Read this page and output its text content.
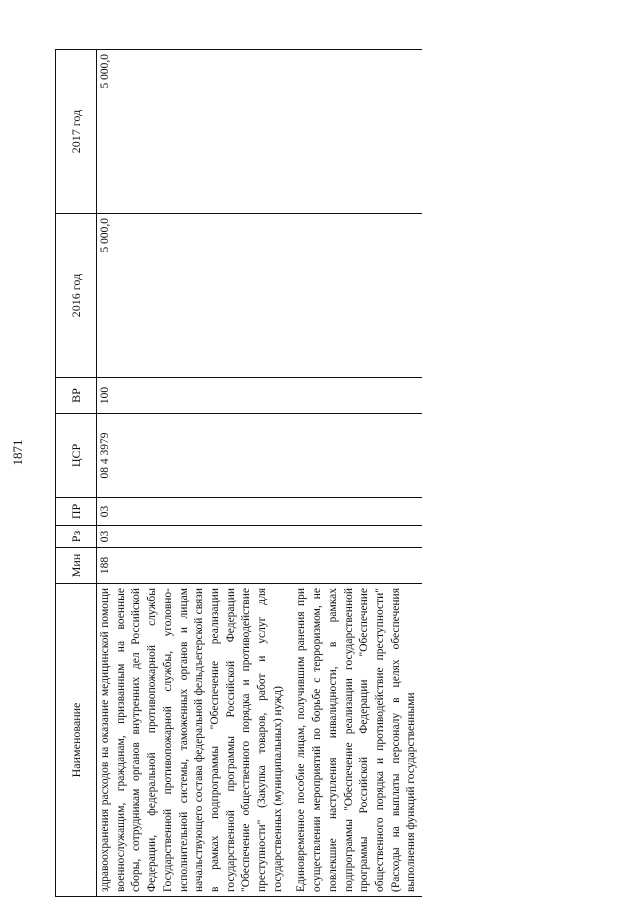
1871
Наименование	Мин	Рз	ПР	ЦСР	ВР	2016 год	2017 год
здравоохранения расходов на оказание медицинской помощи военнослужащим, гражданам, призванным на военные сборы, сотрудникам органов внутренних дел Российской Федерации, федеральной противопожарной службы Государственной противопожарной службы, уголовно-исполнительной системы, таможенных органов и лицам начальствующего состава федеральной фельдъегерской связи в рамках подпрограммы "Обеспечение реализации государственной программы Российской Федерации "Обеспечение общественного порядка и противодействие преступности" (Закупка товаров, работ и услуг для государственных (муниципальных) нужд)	188	03	03	08 4 3979	100	5 000,0	5 000,0
Единовременное пособие лицам, получившим ранения при осуществлении мероприятий по борьбе с терроризмом, не повлекшие наступления инвалидности, в рамках подпрограммы "Обеспечение реализации государственной программы Российской Федерации "Обеспечение общественного порядка и противодействие преступности" (Расходы на выплаты персоналу в целях обеспечения выполнения функций государственными							
